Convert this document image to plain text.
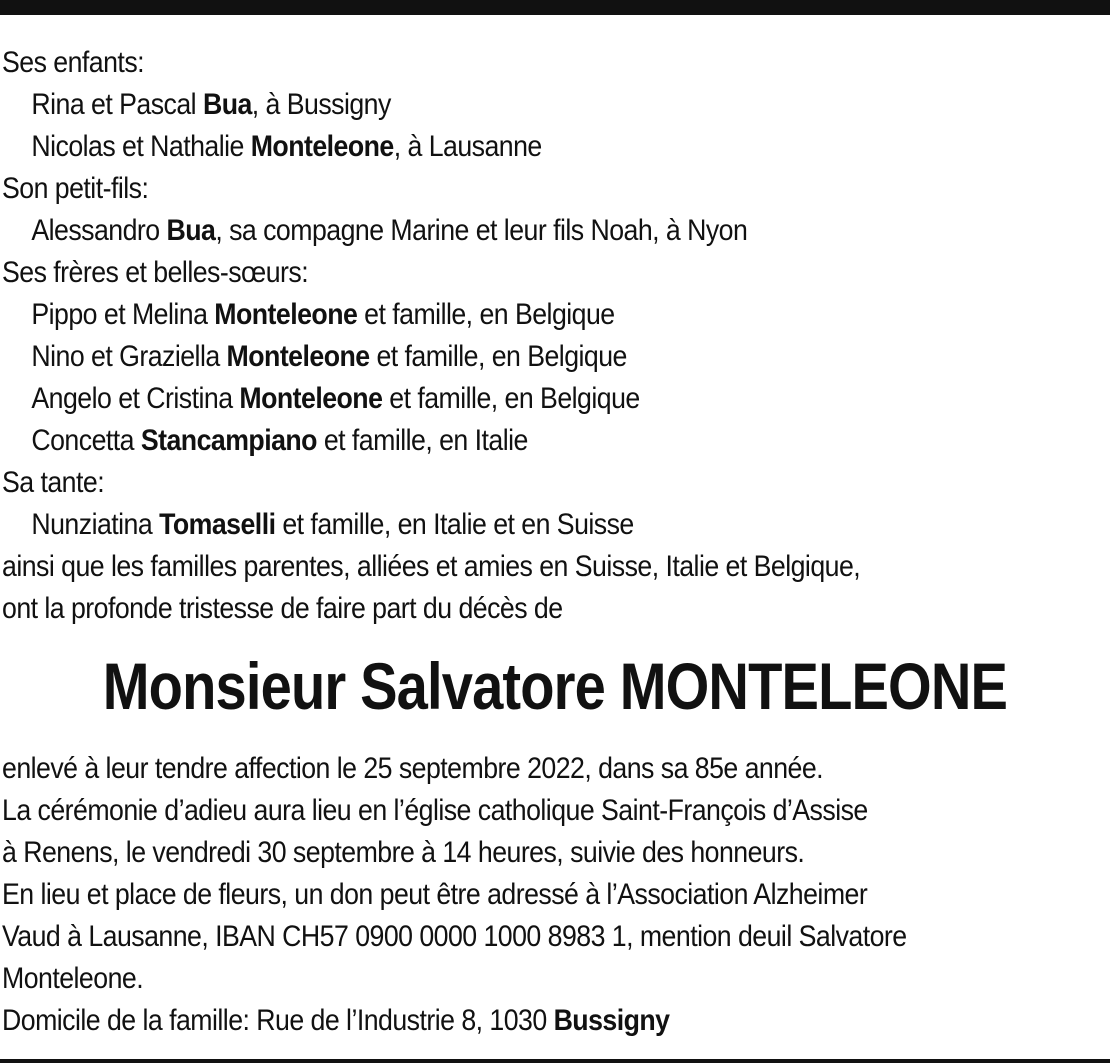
Ses enfants:
Rina et Pascal Bua, à Bussigny
Nicolas et Nathalie Monteleone, à Lausanne
Son petit-fils:
Alessandro Bua, sa compagne Marine et leur fils Noah, à Nyon
Ses frères et belles-sœurs:
Pippo et Melina Monteleone et famille, en Belgique
Nino et Graziella Monteleone et famille, en Belgique
Angelo et Cristina Monteleone et famille, en Belgique
Concetta Stancampiano et famille, en Italie
Sa tante:
Nunziatina Tomaselli et famille, en Italie et en Suisse
ainsi que les familles parentes, alliées et amies en Suisse, Italie et Belgique,
ont la profonde tristesse de faire part du décès de
Monsieur Salvatore MONTELEONE
enlevé à leur tendre affection le 25 septembre 2022, dans sa 85e année.
La cérémonie d’adieu aura lieu en l’église catholique Saint-François d’Assise
à Renens, le vendredi 30 septembre à 14 heures, suivie des honneurs.
En lieu et place de fleurs, un don peut être adressé à l’Association Alzheimer
Vaud à Lausanne, IBAN CH57 0900 0000 1000 8983 1, mention deuil Salvatore
Monteleone.
Domicile de la famille: Rue de l’Industrie 8, 1030 Bussigny
